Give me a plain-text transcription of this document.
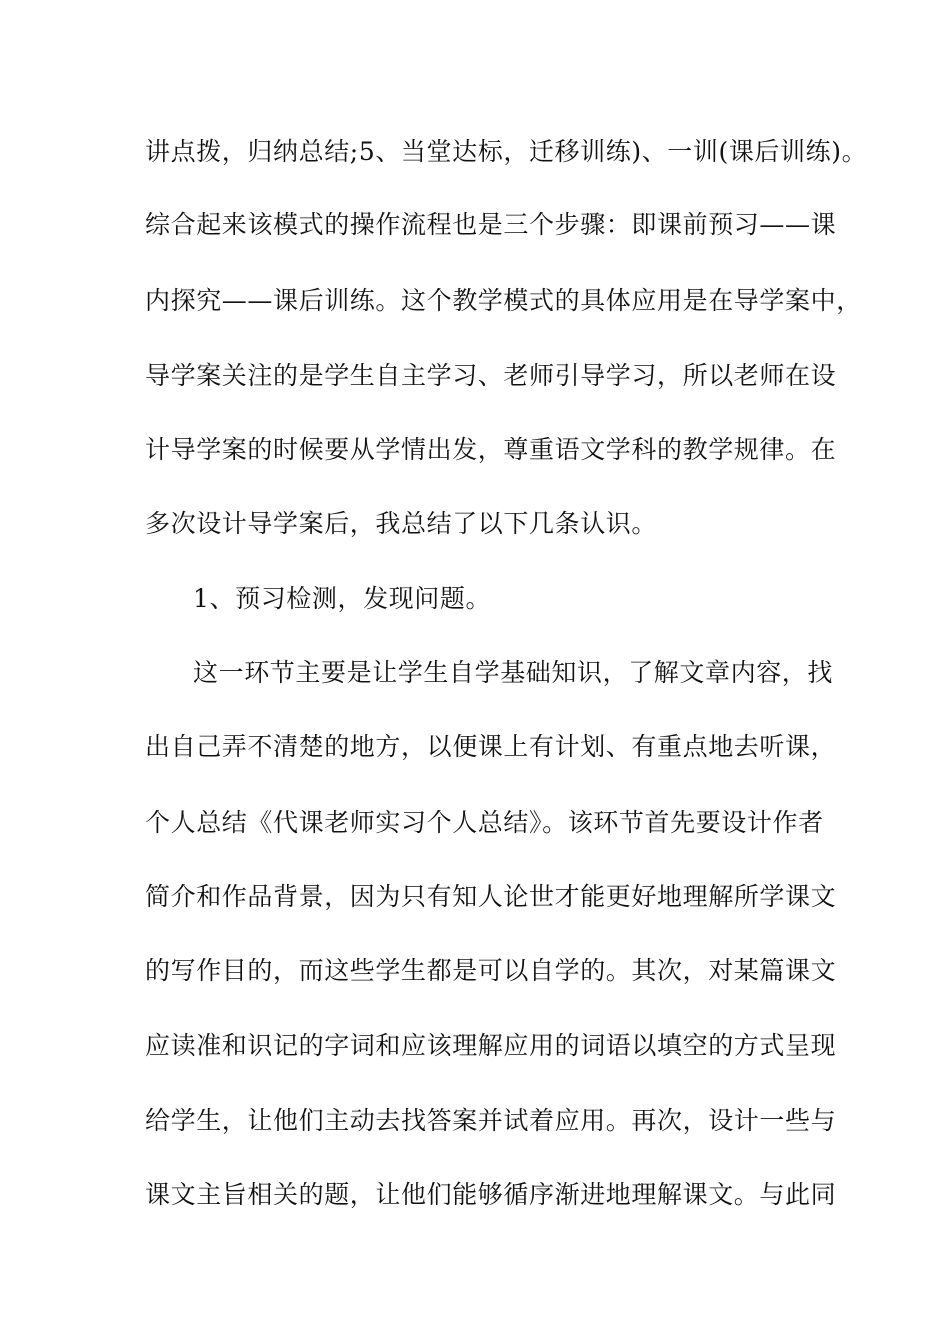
讲点拨，归纳总结;5、当堂达标，迁移训练)、一训(课后训练)。
综合起来该模式的操作流程也是三个步骤：即课前预习——课
内探究——课后训练。这个教学模式的具体应用是在导学案中，
导学案关注的是学生自主学习、老师引导学习，所以老师在设
计导学案的时候要从学情出发，尊重语文学科的教学规律。在
多次设计导学案后，我总结了以下几条认识。
1、预习检测，发现问题。
这一环节主要是让学生自学基础知识，了解文章内容，找
出自己弄不清楚的地方，以便课上有计划、有重点地去听课，
个人总结《代课老师实习个人总结》。该环节首先要设计作者
简介和作品背景，因为只有知人论世才能更好地理解所学课文
的写作目的，而这些学生都是可以自学的。其次，对某篇课文
应读准和识记的字词和应该理解应用的词语以填空的方式呈现
给学生，让他们主动去找答案并试着应用。再次，设计一些与
课文主旨相关的题，让他们能够循序渐进地理解课文。与此同
